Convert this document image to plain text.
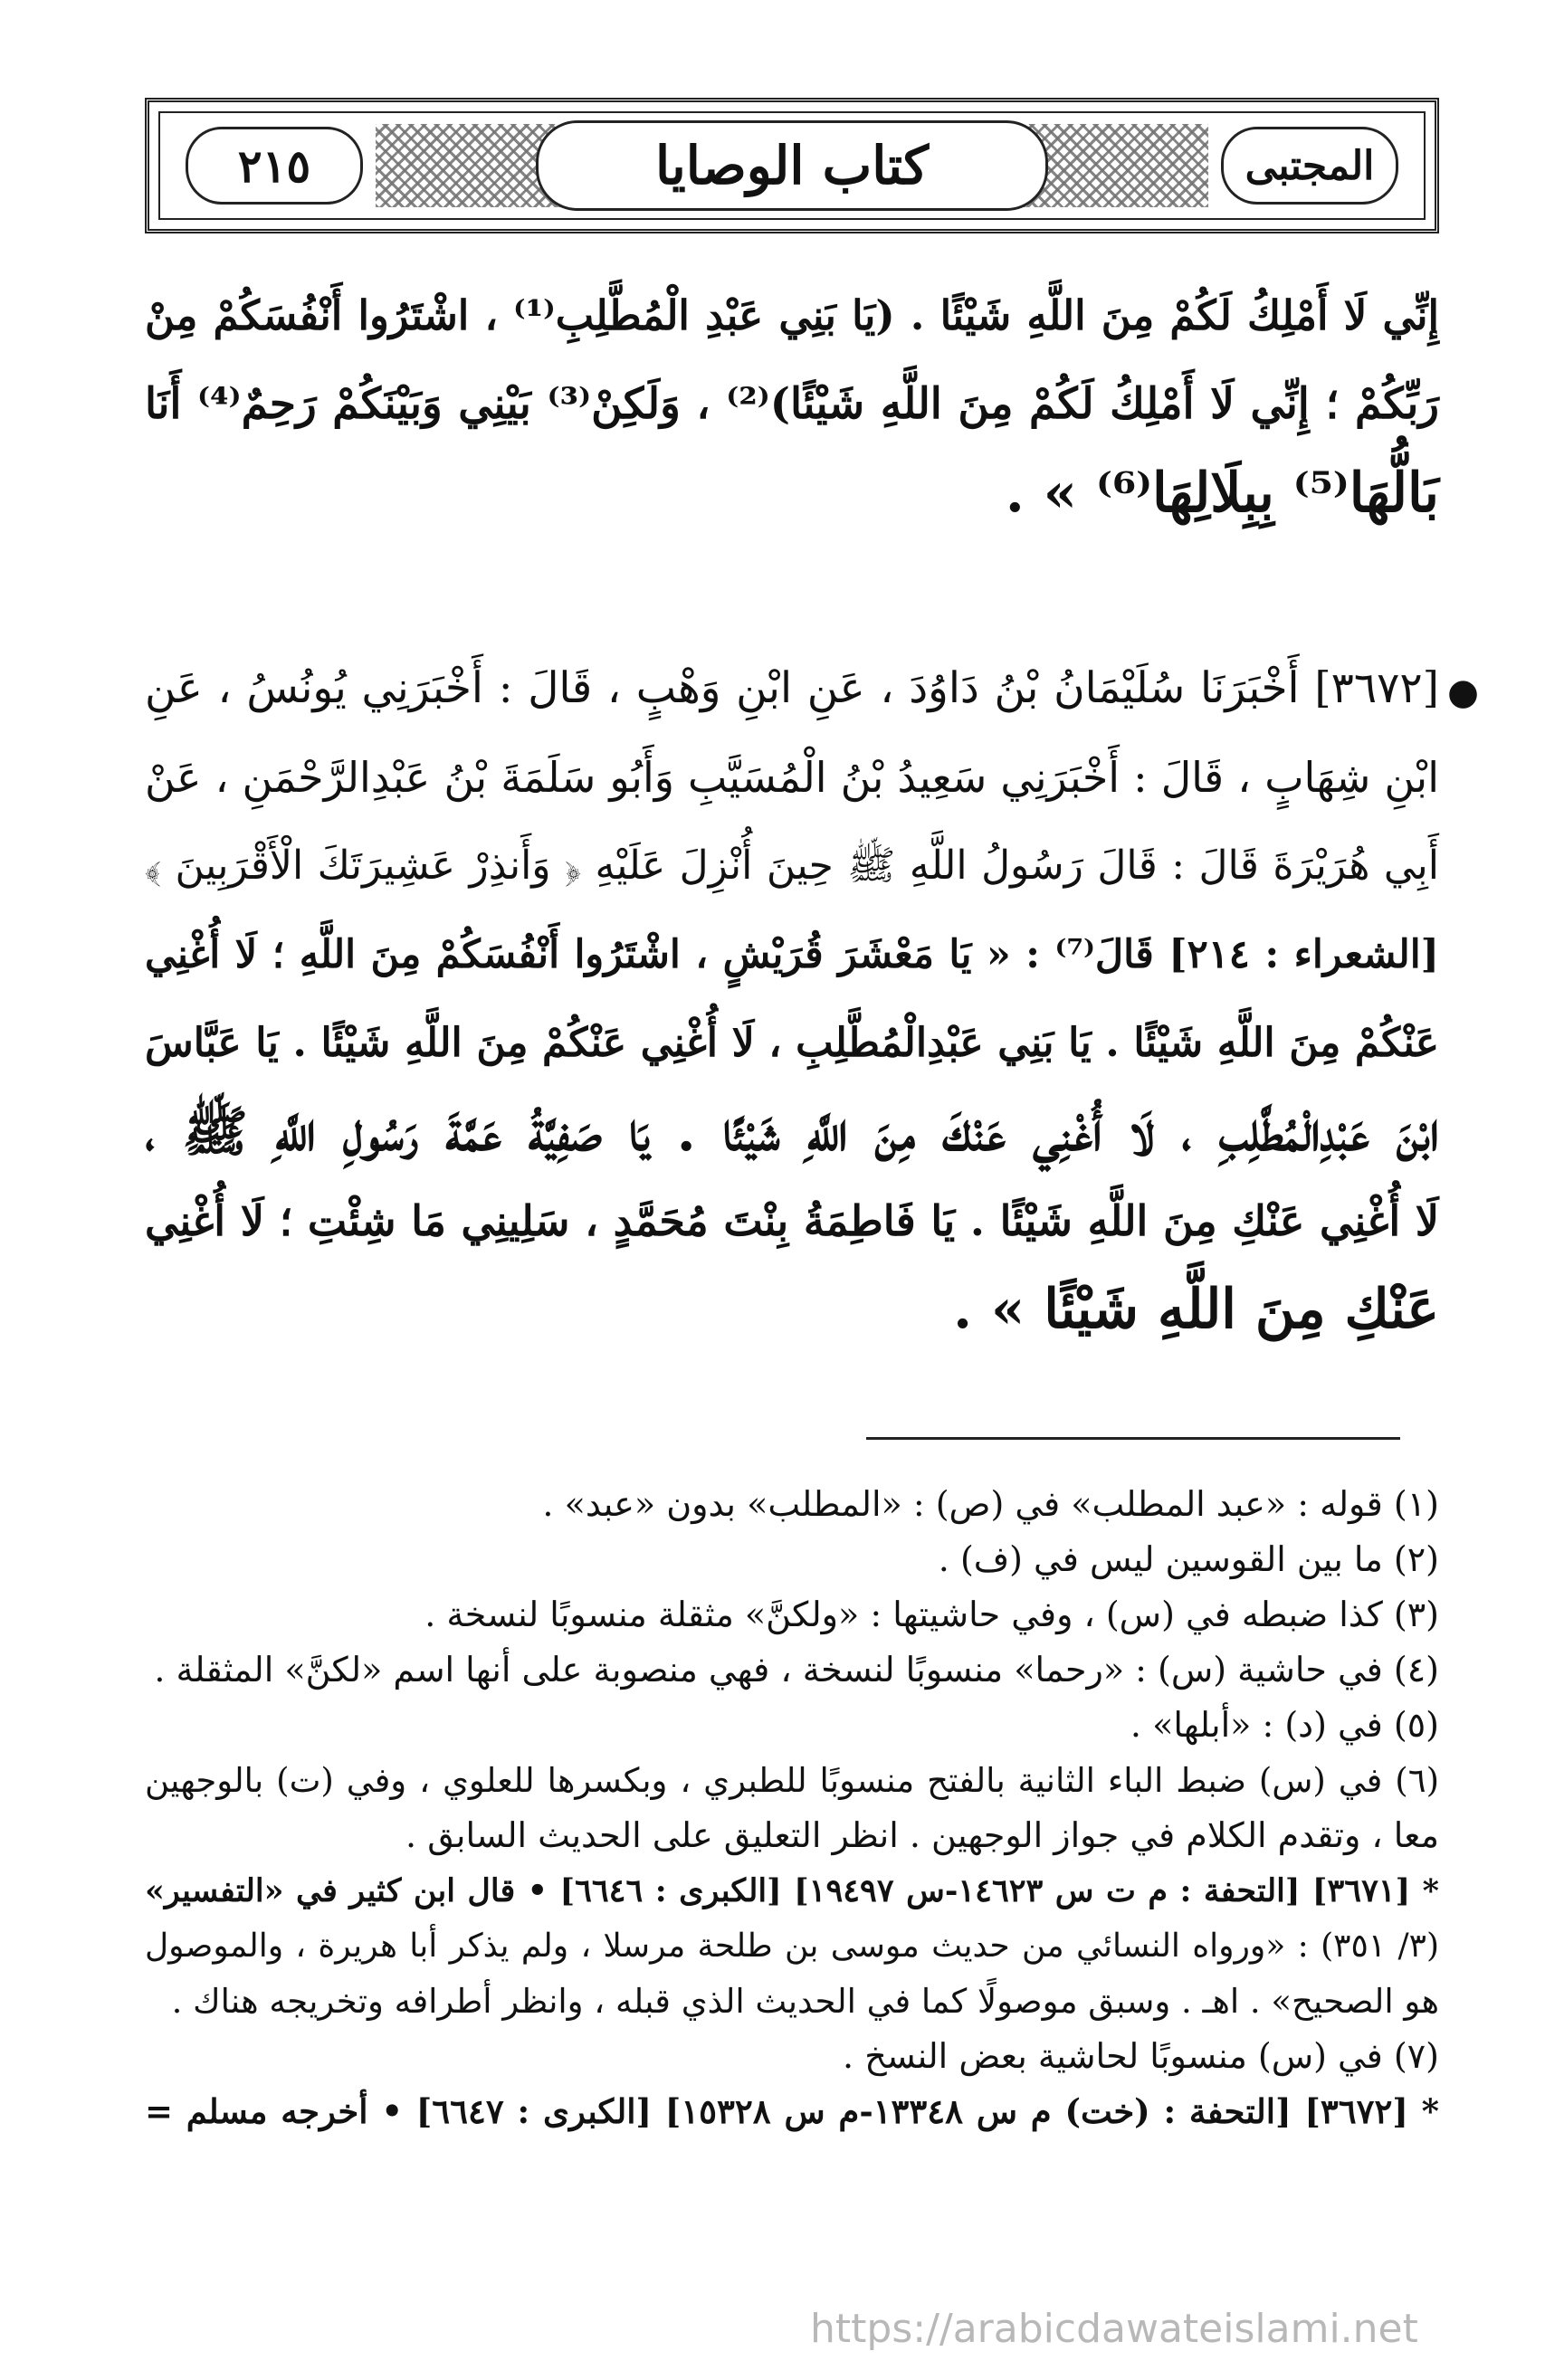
٢١٥	كتاب الوصايا	المجتبى
إِنِّي لَا أَمْلِكُ لَكُمْ مِنَ اللَّهِ شَيْئًا . (يَا بَنِي عَبْدِ الْمُطَّلِبِ⁽¹⁾ ، اشْتَرُوا أَنْفُسَكُمْ مِنْ
رَبِّكُمْ ؛ إِنِّي لَا أَمْلِكُ لَكُمْ مِنَ اللَّهِ شَيْئًا)⁽²⁾ ، وَلَكِنْ⁽³⁾ بَيْنِي وَبَيْنَكُمْ رَحِمٌ⁽⁴⁾ أَنَا
بَالُّهَا⁽⁵⁾ بِبِلَالِهَا⁽⁶⁾ » .
●
[٣٦٧٢] أَخْبَرَنَا سُلَيْمَانُ بْنُ دَاوُدَ ، عَنِ ابْنِ وَهْبٍ ، قَالَ : أَخْبَرَنِي يُونُسُ ، عَنِ
ابْنِ شِهَابٍ ، قَالَ : أَخْبَرَنِي سَعِيدُ بْنُ الْمُسَيَّبِ وَأَبُو سَلَمَةَ بْنُ عَبْدِالرَّحْمَنِ ، عَنْ
أَبِي هُرَيْرَةَ قَالَ : قَالَ رَسُولُ اللَّهِ ﷺ حِينَ أُنْزِلَ عَلَيْهِ ﴿ وَأَنذِرْ عَشِيرَتَكَ الْأَقْرَبِينَ ﴾
[الشعراء : ٢١٤] قَالَ⁽⁷⁾ : « يَا مَعْشَرَ قُرَيْشٍ ، اشْتَرُوا أَنْفُسَكُمْ مِنَ اللَّهِ ؛ لَا أُغْنِي
عَنْكُمْ مِنَ اللَّهِ شَيْئًا . يَا بَنِي عَبْدِالْمُطَّلِبِ ، لَا أُغْنِي عَنْكُمْ مِنَ اللَّهِ شَيْئًا . يَا عَبَّاسَ
ابْنَ عَبْدِالْمُطَّلِبِ ، لَا أُغْنِي عَنْكَ مِنَ اللَّهِ شَيْئًا . يَا صَفِيَّةُ عَمَّةَ رَسُولِ اللَّهِ ﷺ ،
لَا أُغْنِي عَنْكِ مِنَ اللَّهِ شَيْئًا . يَا فَاطِمَةُ بِنْتَ مُحَمَّدٍ ، سَلِينِي مَا شِئْتِ ؛ لَا أُغْنِي
عَنْكِ مِنَ اللَّهِ شَيْئًا » .
(١) قوله : «عبد المطلب» في (ص) : «المطلب» بدون «عبد» .
(٢) ما بين القوسين ليس في (ف) .
(٣) كذا ضبطه في (س) ، وفي حاشيتها : «ولكنَّ» مثقلة منسوبًا لنسخة .
(٤) في حاشية (س) : «رحما» منسوبًا لنسخة ، فهي منصوبة على أنها اسم «لكنَّ» المثقلة .
(٥) في (د) : «أبلها» .
(٦) في (س) ضبط الباء الثانية بالفتح منسوبًا للطبري ، وبكسرها للعلوي ، وفي (ت) بالوجهين
معا ، وتقدم الكلام في جواز الوجهين . انظر التعليق على الحديث السابق .
* [٣٦٧١] [التحفة : م ت س ١٤٦٢٣-س ١٩٤٩٧] [الكبرى : ٦٦٤٦] • قال ابن كثير في «التفسير»
(٣/ ٣٥١) : «ورواه النسائي من حديث موسى بن طلحة مرسلا ، ولم يذكر أبا هريرة ، والموصول
هو الصحيح» . اهـ . وسبق موصولًا كما في الحديث الذي قبله ، وانظر أطرافه وتخريجه هناك .
(٧) في (س) منسوبًا لحاشية بعض النسخ .
* [٣٦٧٢] [التحفة : (خت) م س ١٣٣٤٨-م س ١٥٣٢٨] [الكبرى : ٦٦٤٧] • أخرجه مسلم =
https://arabicdawateislami.net
